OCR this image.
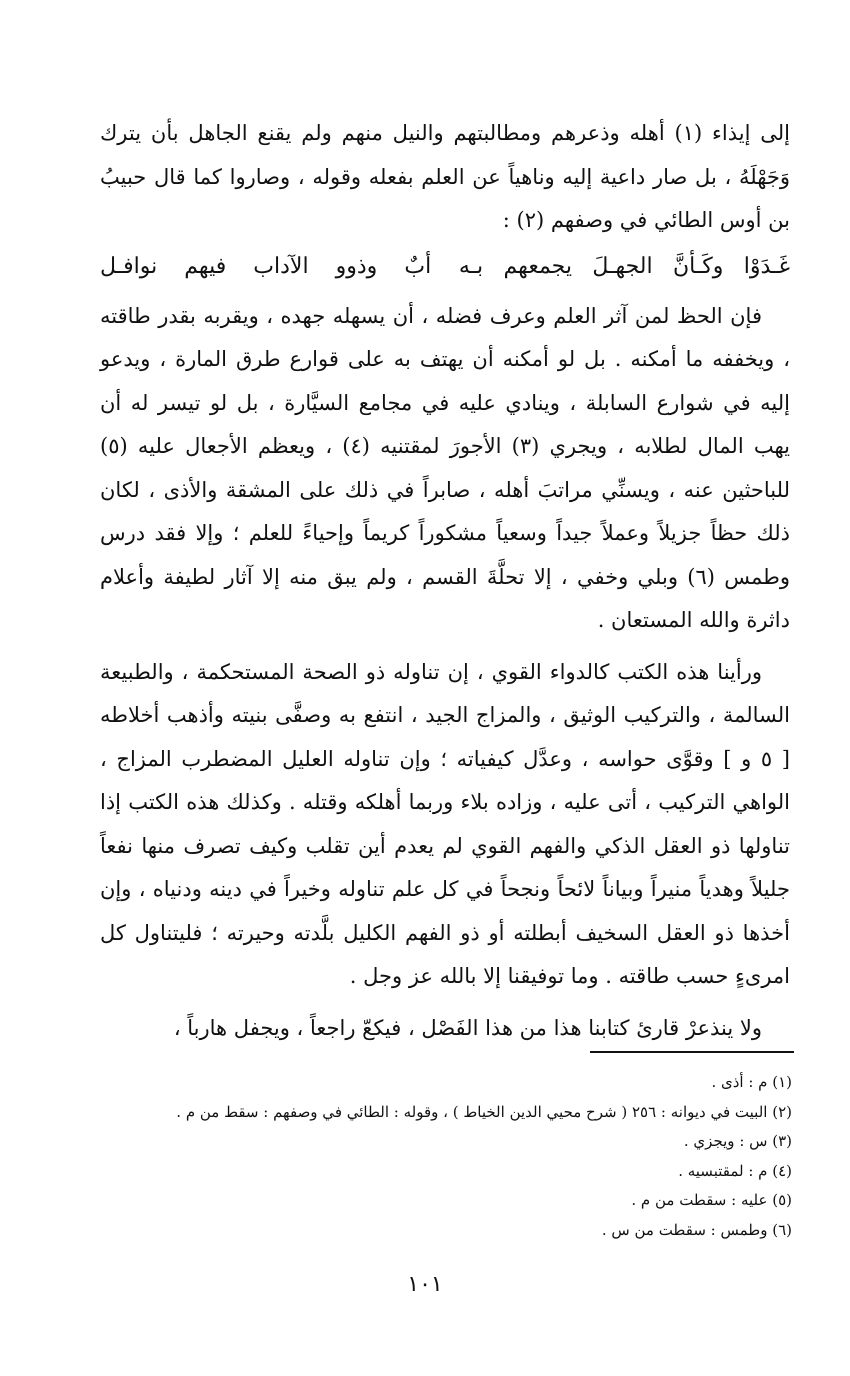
إلى إيذاء (١) أهله وذعرهم ومطالبتهم والنيل منهم ولم يقنع الجاهل بأن يترك وَجَهْلَهُ ، بل صار داعية إليه وناهياً عن العلم بفعله وقوله ، وصاروا كما قال حبيبُ بن أوس الطائي في وصفهم (٢) :

غَـدَوْا وكَـأنَّ الجهـلَ يجمعهم بـه
أبٌ وذوو الآداب فيهم نوافـل

فإن الحظ لمن آثر العلم وعرف فضله ، أن يسهله جهده ، ويقربه بقدر طاقته ، ويخففه ما أمكنه . بل لو أمكنه أن يهتف به على قوارع طرق المارة ، ويدعو إليه في شوارع السابلة ، وينادي عليه في مجامع السيَّارة ، بل لو تيسر له أن يهب المال لطلابه ، ويجري (٣) الأجورَ لمقتنيه (٤) ، ويعظم الأجعال عليه (٥) للباحثين عنه ، ويسنِّي مراتبَ أهله ، صابراً في ذلك على المشقة والأذى ، لكان ذلك حظاً جزيلاً وعملاً جيداً وسعياً مشكوراً كريماً وإحياءً للعلم ؛ وإلا فقد درس وطمس (٦) وبلي وخفي ، إلا تحلَّةَ القسم ، ولم يبق منه إلا آثار لطيفة وأعلام داثرة والله المستعان .

ورأينا هذه الكتب كالدواء القوي ، إن تناوله ذو الصحة المستحكمة ، والطبيعة السالمة ، والتركيب الوثيق ، والمزاج الجيد ، انتفع به وصفَّى بنيته وأذهب أخلاطه [ ٥ و ] وقوَّى حواسه ، وعدَّل كيفياته ؛ وإن تناوله العليل المضطرب المزاج ، الواهي التركيب ، أتى عليه ، وزاده بلاء وربما أهلكه وقتله . وكذلك هذه الكتب إذا تناولها ذو العقل الذكي والفهم القوي لم يعدم أين تقلب وكيف تصرف منها نفعاً جليلاً وهدياً منيراً وبياناً لائحاً ونجحاً في كل علم تناوله وخيراً في دينه ودنياه ، وإن أخذها ذو العقل السخيف أبطلته أو ذو الفهم الكليل بلَّدته وحيرته ؛ فليتناول كل امرىءٍ حسب طاقته . وما توفيقنا إلا بالله عز وجل .

ولا ينذعرْ قارئ كتابنا هذا من هذا الفَصْل ، فيكعّ راجعاً ، ويجفل هارباً ،

(١) م : أذى .

(٢) البيت في ديوانه : ٢٥٦ ( شرح محيي الدين الخياط ) ، وقوله : الطائي في وصفهم : سقط من م .

(٣) س : ويجزي .

(٤) م : لمقتبسيه .

(٥) عليه : سقطت من م .

(٦) وطمس : سقطت من س .

١٠١
